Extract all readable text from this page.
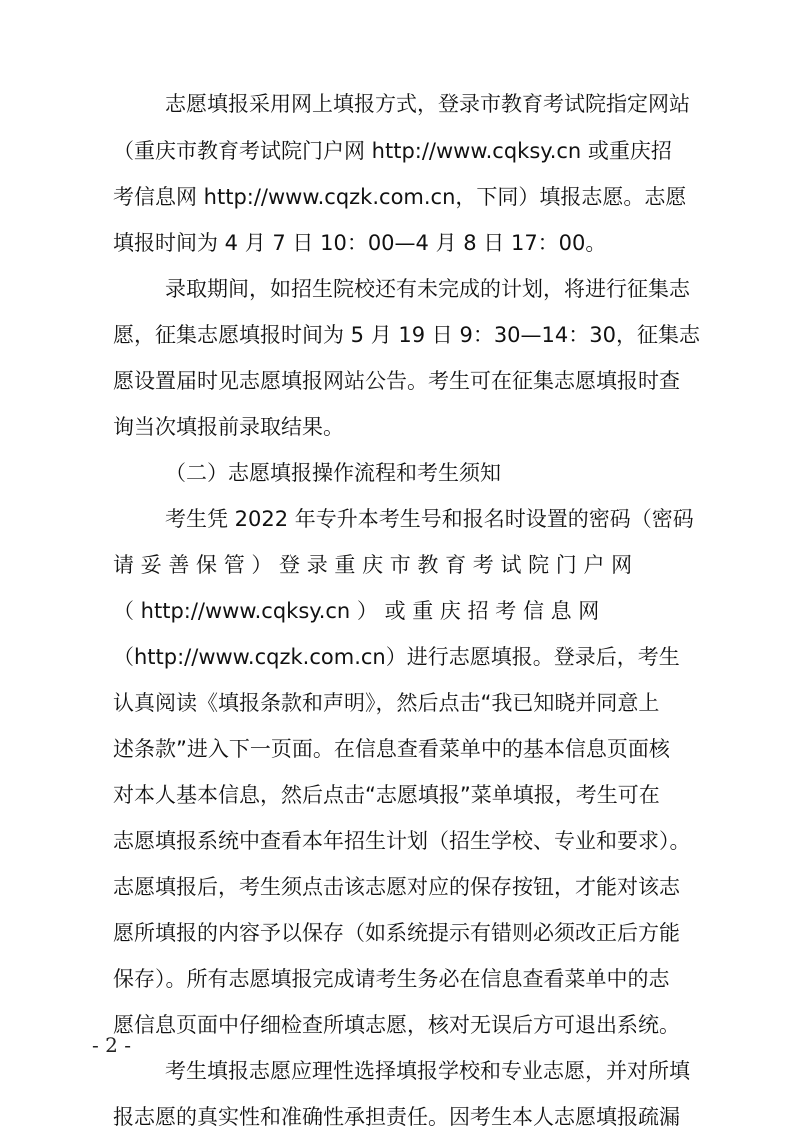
志愿填报采用网上填报方式，登录市教育考试院指定网站
（重庆市教育考试院门户网 http://www.cqksy.cn 或重庆招
考信息网 http://www.cqzk.com.cn，下同）填报志愿。志愿
填报时间为 4 月 7 日 10：00—4 月 8 日 17：00。
录取期间，如招生院校还有未完成的计划，将进行征集志
愿，征集志愿填报时间为 5 月 19 日 9：30—14：30，征集志
愿设置届时见志愿填报网站公告。考生可在征集志愿填报时查
询当次填报前录取结果。
（二）志愿填报操作流程和考生须知
考生凭 2022 年专升本考生号和报名时设置的密码（密码
请 妥 善 保 管 ） 登 录 重 庆 市 教 育 考 试 院 门 户 网
（ http://www.cqksy.cn ） 或 重 庆 招 考 信 息 网
（http://www.cqzk.com.cn）进行志愿填报。登录后，考生
认真阅读《填报条款和声明》，然后点击“我已知晓并同意上
述条款”进入下一页面。在信息查看菜单中的基本信息页面核
对本人基本信息，然后点击“志愿填报”菜单填报，考生可在
志愿填报系统中查看本年招生计划（招生学校、专业和要求）。
志愿填报后，考生须点击该志愿对应的保存按钮，才能对该志
愿所填报的内容予以保存（如系统提示有错则必须改正后方能
保存）。所有志愿填报完成请考生务必在信息查看菜单中的志
愿信息页面中仔细检查所填志愿，核对无误后方可退出系统。
考生填报志愿应理性选择填报学校和专业志愿，并对所填
报志愿的真实性和准确性承担责任。因考生本人志愿填报疏漏
- 2 -
